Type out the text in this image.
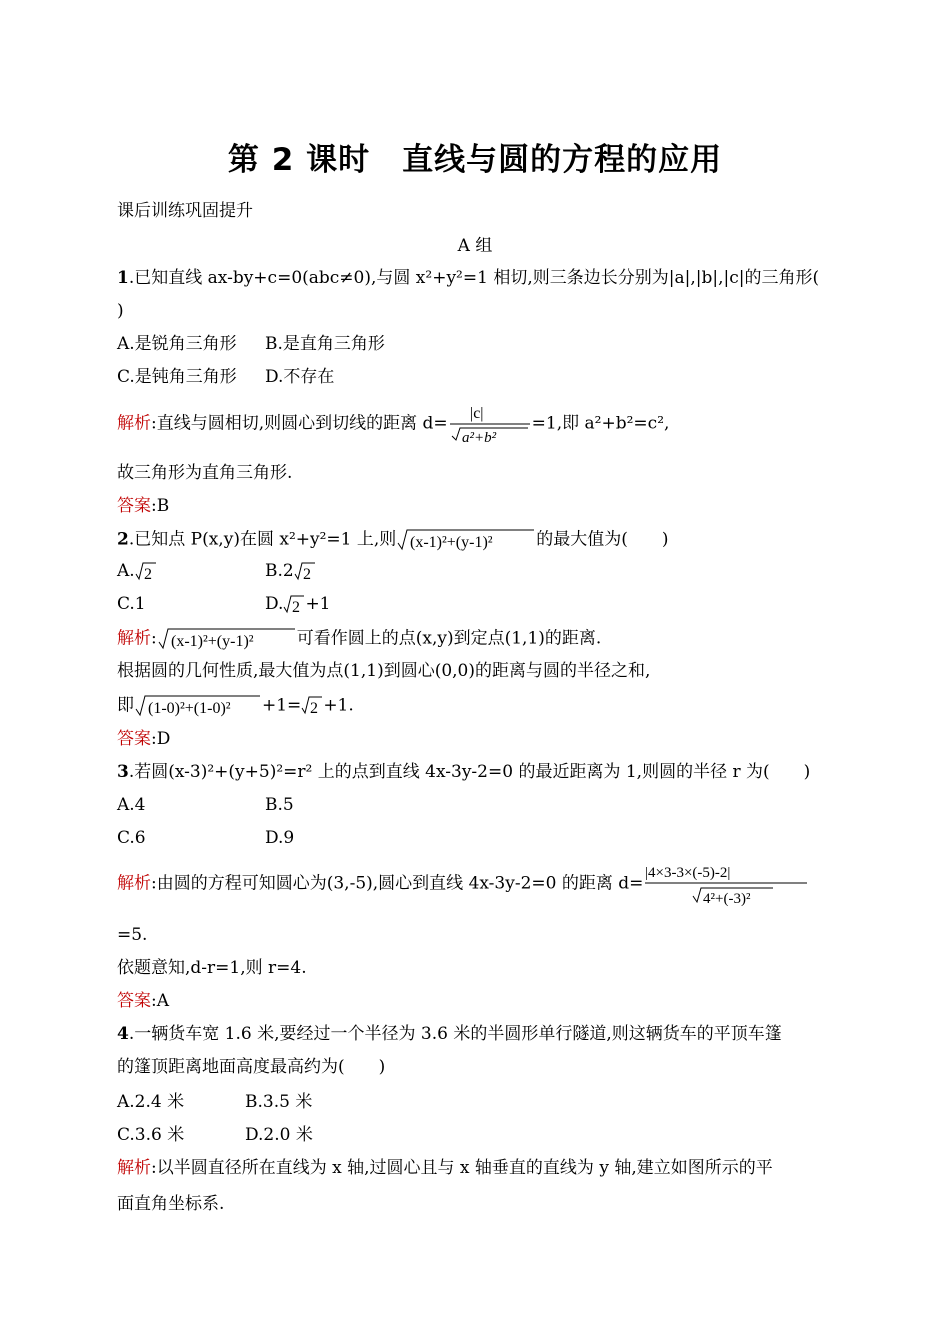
第 2 课时　直线与圆的方程的应用
课后训练巩固提升
A 组
1.已知直线 ax-by+c=0(abc≠0),与圆 x²+y²=1 相切,则三条边长分别为|a|,|b|,|c|的三角形(
)
A.是锐角三角形 B.是直角三角形
C.是钝角三角形 D.不存在
解析:直线与圆相切,则圆心到切线的距离 d= |c|
a²+b²
=1,即 a²+b²=c²,
故三角形为直角三角形.
答案:B
2.已知点 P(x,y)在圆 x²+y²=1 上,则 (x-1)²+(y-1)²	的最大值为(　　)
A. 2	B.2 2
C.1	D. 2 +1
解析: (x-1)²+(y-1)²	可看作圆上的点(x,y)到定点(1,1)的距离.
根据圆的几何性质,最大值为点(1,1)到圆心(0,0)的距离与圆的半径之和,
即 (1-0)²+(1-0)² +1= 2 +1.
答案:D
3.若圆(x-3)²+(y+5)²=r² 上的点到直线 4x-3y-2=0 的最近距离为 1,则圆的半径 r 为(　　)
A.4	B.5
C.6	D.9
解析:由圆的方程可知圆心为(3,-5),圆心到直线 4x-3y-2=0 的距离 d=
|4×3-3×(-5)-2|
4²+(-3)²
=5.
依题意知,d-r=1,则 r=4.
答案:A
4.一辆货车宽 1.6 米,要经过一个半径为 3.6 米的半圆形单行隧道,则这辆货车的平顶车篷
的篷顶距离地面高度最高约为(　　)
A.2.4 米	B.3.5 米
C.3.6 米	D.2.0 米
解析:以半圆直径所在直线为 x 轴,过圆心且与 x 轴垂直的直线为 y 轴,建立如图所示的平
面直角坐标系.
